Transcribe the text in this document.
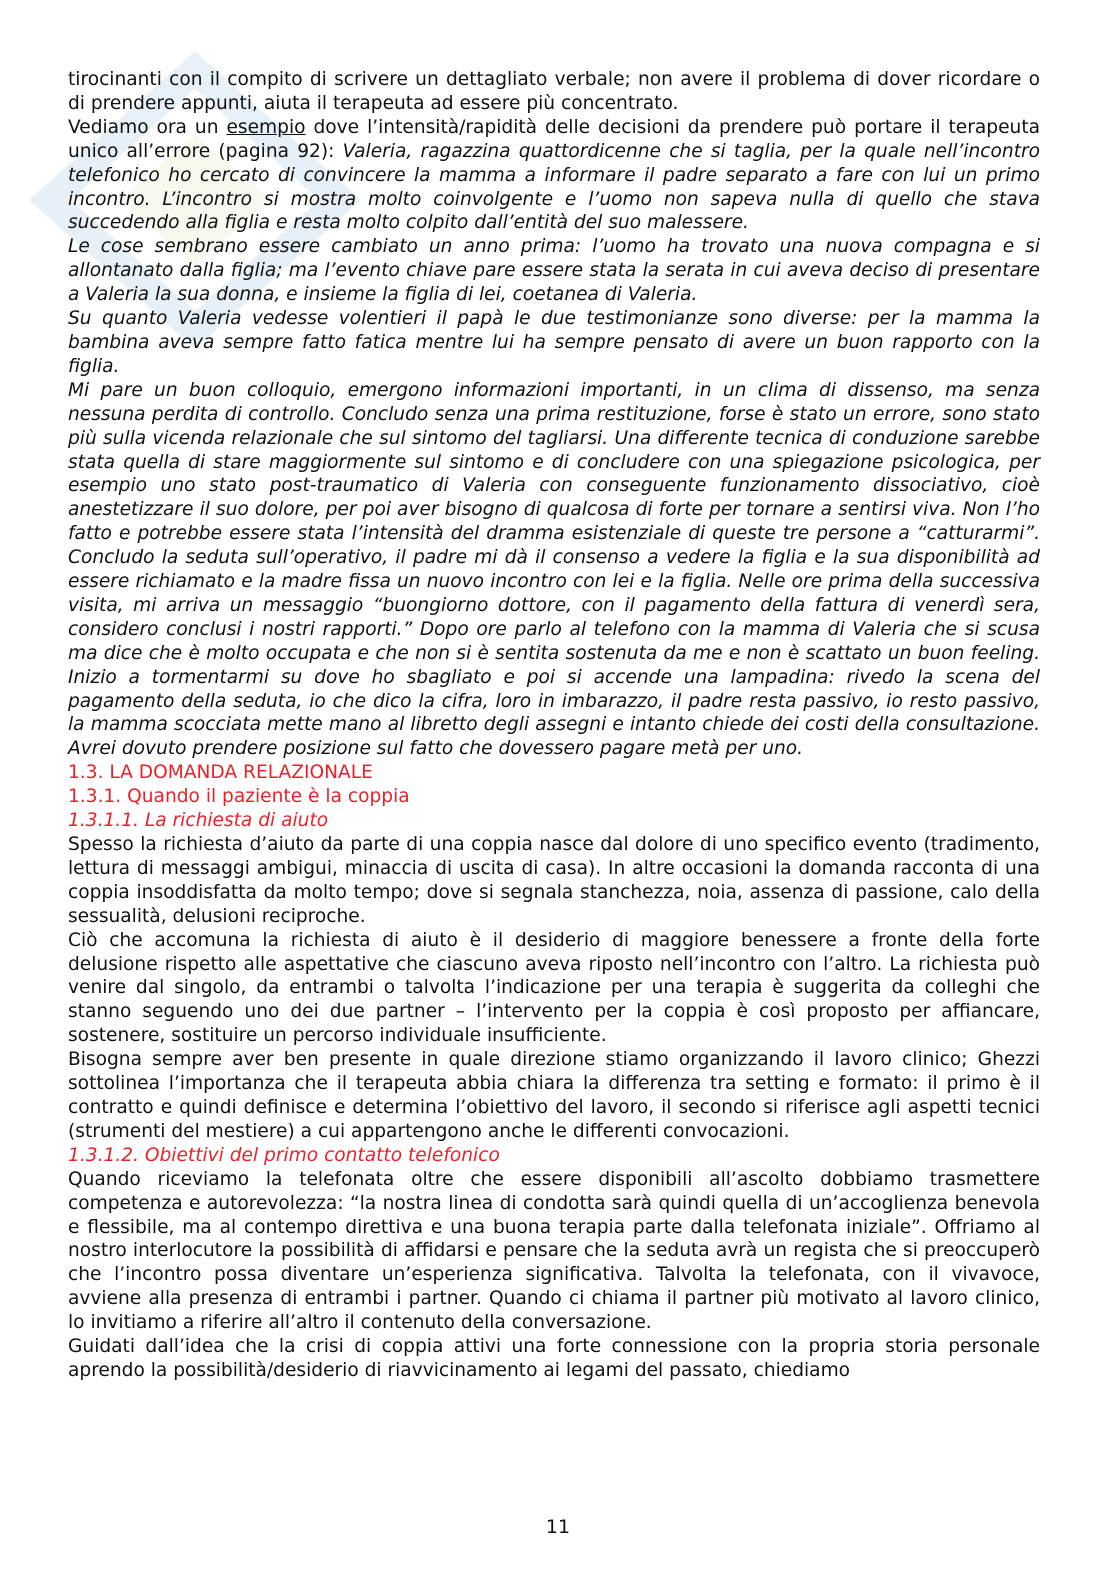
tirocinanti con il compito di scrivere un dettagliato verbale; non avere il problema di dover ricordare o di prendere appunti, aiuta il terapeuta ad essere più concentrato.

Vediamo ora un esempio dove l’intensità/rapidità delle decisioni da prendere può portare il terapeuta unico all’errore (pagina 92): Valeria, ragazzina quattordicenne che si taglia, per la quale nell’incontro telefonico ho cercato di convincere la mamma a informare il padre separato a fare con lui un primo incontro. L’incontro si mostra molto coinvolgente e l’uomo non sapeva nulla di quello che stava succedendo alla figlia e resta molto colpito dall’entità del suo malessere.

Le cose sembrano essere cambiato un anno prima: l’uomo ha trovato una nuova compagna e si allontanato dalla figlia; ma l’evento chiave pare essere stata la serata in cui aveva deciso di presentare a Valeria la sua donna, e insieme la figlia di lei, coetanea di Valeria.

Su quanto Valeria vedesse volentieri il papà le due testimonianze sono diverse: per la mamma la bambina aveva sempre fatto fatica mentre lui ha sempre pensato di avere un buon rapporto con la figlia.

Mi pare un buon colloquio, emergono informazioni importanti, in un clima di dissenso, ma senza nessuna perdita di controllo. Concludo senza una prima restituzione, forse è stato un errore, sono stato più sulla vicenda relazionale che sul sintomo del tagliarsi. Una differente tecnica di conduzione sarebbe stata quella di stare maggiormente sul sintomo e di concludere con una spiegazione psicologica, per esempio uno stato post-traumatico di Valeria con conseguente funzionamento dissociativo, cioè anestetizzare il suo dolore, per poi aver bisogno di qualcosa di forte per tornare a sentirsi viva. Non l’ho fatto e potrebbe essere stata l’intensità del dramma esistenziale di queste tre persone a “catturarmi”. Concludo la seduta sull’operativo, il padre mi dà il consenso a vedere la figlia e la sua disponibilità ad essere richiamato e la madre fissa un nuovo incontro con lei e la figlia. Nelle ore prima della successiva visita, mi arriva un messaggio “buongiorno dottore, con il pagamento della fattura di venerdì sera, considero conclusi i nostri rapporti.” Dopo ore parlo al telefono con la mamma di Valeria che si scusa ma dice che è molto occupata e che non si è sentita sostenuta da me e non è scattato un buon feeling. Inizio a tormentarmi su dove ho sbagliato e poi si accende una lampadina: rivedo la scena del pagamento della seduta, io che dico la cifra, loro in imbarazzo, il padre resta passivo, io resto passivo, la mamma scocciata mette mano al libretto degli assegni e intanto chiede dei costi della consultazione. Avrei dovuto prendere posizione sul fatto che dovessero pagare metà per uno.

1.3. LA DOMANDA RELAZIONALE

1.3.1. Quando il paziente è la coppia

1.3.1.1. La richiesta di aiuto

Spesso la richiesta d’aiuto da parte di una coppia nasce dal dolore di uno specifico evento (tradimento, lettura di messaggi ambigui, minaccia di uscita di casa). In altre occasioni la domanda racconta di una coppia insoddisfatta da molto tempo; dove si segnala stanchezza, noia, assenza di passione, calo della sessualità, delusioni reciproche.

Ciò che accomuna la richiesta di aiuto è il desiderio di maggiore benessere a fronte della forte delusione rispetto alle aspettative che ciascuno aveva riposto nell’incontro con l’altro. La richiesta può venire dal singolo, da entrambi o talvolta l’indicazione per una terapia è suggerita da colleghi che stanno seguendo uno dei due partner – l’intervento per la coppia è così proposto per affiancare, sostenere, sostituire un percorso individuale insufficiente.

Bisogna sempre aver ben presente in quale direzione stiamo organizzando il lavoro clinico; Ghezzi sottolinea l’importanza che il terapeuta abbia chiara la differenza tra setting e formato: il primo è il contratto e quindi definisce e determina l’obiettivo del lavoro, il secondo si riferisce agli aspetti tecnici (strumenti del mestiere) a cui appartengono anche le differenti convocazioni.

1.3.1.2. Obiettivi del primo contatto telefonico

Quando riceviamo la telefonata oltre che essere disponibili all’ascolto dobbiamo trasmettere competenza e autorevolezza: “la nostra linea di condotta sarà quindi quella di un’accoglienza benevola e flessibile, ma al contempo direttiva e una buona terapia parte dalla telefonata iniziale”. Offriamo al nostro interlocutore la possibilità di affidarsi e pensare che la seduta avrà un regista che si preoccuperò che l’incontro possa diventare un’esperienza significativa. Talvolta la telefonata, con il vivavoce, avviene alla presenza di entrambi i partner. Quando ci chiama il partner più motivato al lavoro clinico, lo invitiamo a riferire all’altro il contenuto della conversazione.

Guidati dall’idea che la crisi di coppia attivi una forte connessione con la propria storia personale aprendo la possibilità/desiderio di riavvicinamento ai legami del passato, chiediamo

11
